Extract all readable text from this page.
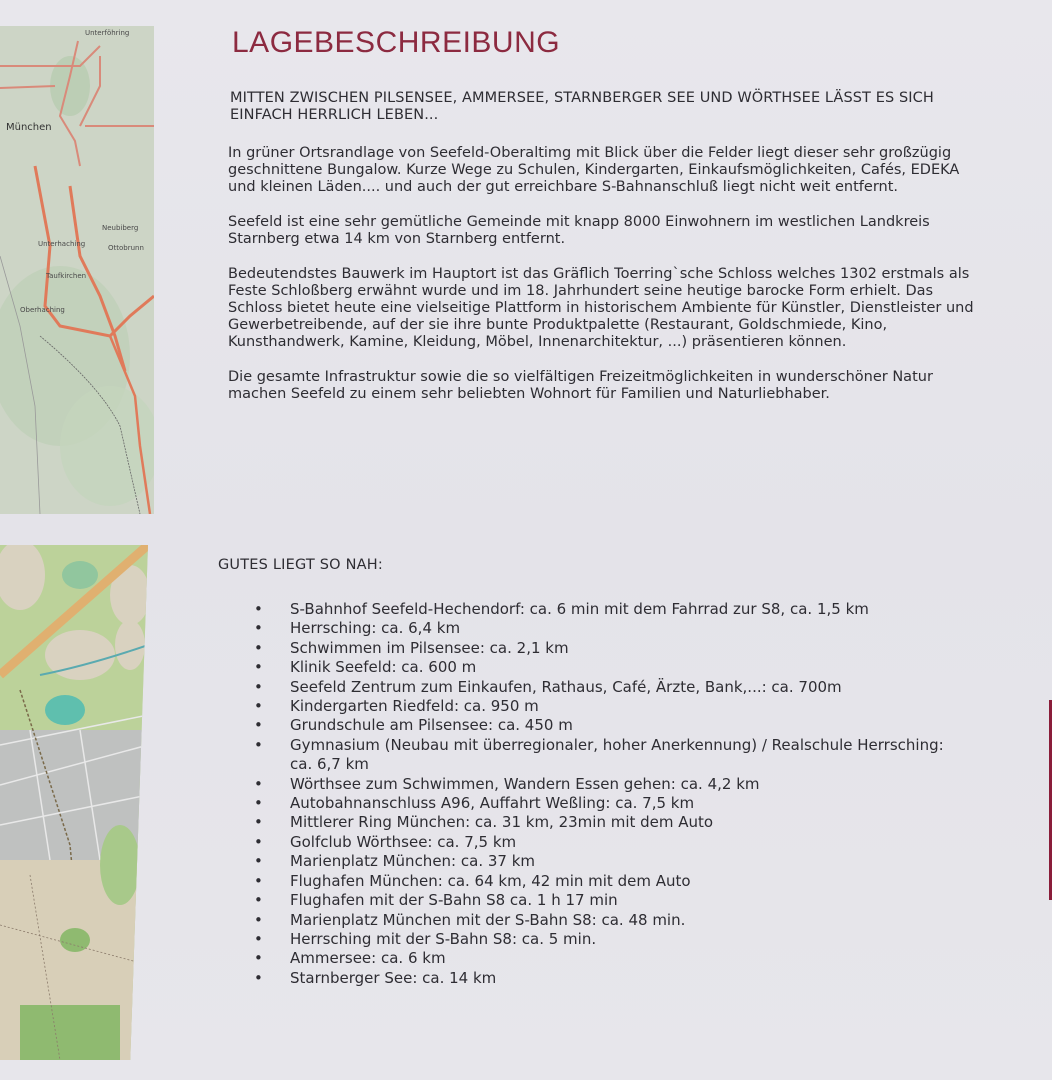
Unterföhring
München
Neubiberg
Unterhaching	Ottobrunn
Taufkirchen
Oberhaching
LAGEBESCHREIBUNG

MITTEN ZWISCHEN PILSENSEE, AMMERSEE, STARNBERGER SEE UND WÖRTHSEE LÄSST ES SICH EINFACH HERRLICH LEBEN...

In grüner Ortsrandlage von Seefeld-Oberaltimg mit Blick über die Felder liegt dieser sehr großzügig geschnittene Bungalow. Kurze Wege zu Schulen, Kindergarten, Einkaufsmöglichkeiten, Cafés, EDEKA und kleinen Läden.... und auch der gut erreichbare S-Bahnanschluß liegt nicht weit entfernt.

Seefeld ist eine sehr gemütliche Gemeinde mit knapp 8000 Einwohnern im westlichen Landkreis Starnberg etwa 14 km von Starnberg entfernt.

Bedeutendstes Bauwerk im Hauptort ist das Gräflich Toerring`sche Schloss welches 1302 erstmals als Feste Schloßberg erwähnt wurde und im 18. Jahrhundert seine heutige barocke Form erhielt. Das Schloss bietet heute eine vielseitige Plattform in historischem Ambiente für Künstler, Dienstleister und Gewerbetreibende, auf der sie ihre bunte Produktpalette (Restaurant, Goldschmiede, Kino, Kunsthandwerk, Kamine, Kleidung, Möbel, Innenarchitektur, ...) präsentieren können.

Die gesamte Infrastruktur sowie die so vielfältigen Freizeitmöglichkeiten in wunderschöner Natur machen Seefeld zu einem sehr beliebten Wohnort für Familien und Naturliebhaber.

GUTES LIEGT SO NAH:
• S-Bahnhof Seefeld-Hechendorf: ca. 6 min mit dem Fahrrad zur S8, ca. 1,5 km
• Herrsching: ca. 6,4 km
• Schwimmen im Pilsensee: ca. 2,1 km
• Klinik Seefeld: ca. 600 m
• Seefeld Zentrum zum Einkaufen, Rathaus, Café, Ärzte, Bank,...: ca. 700m
• Kindergarten Riedfeld: ca. 950 m
• Grundschule am Pilsensee: ca. 450 m
• Gymnasium (Neubau mit überregionaler, hoher Anerkennung) / Realschule Herrsching: ca. 6,7 km
• Wörthsee zum Schwimmen, Wandern Essen gehen: ca. 4,2 km
• Autobahnanschluss A96, Auffahrt Weßling: ca. 7,5 km
• Mittlerer Ring München: ca. 31 km, 23min mit dem Auto
• Golfclub Wörthsee: ca. 7,5 km
• Marienplatz München: ca. 37 km
• Flughafen München: ca. 64 km, 42 min mit dem Auto
• Flughafen mit der S-Bahn S8 ca. 1 h 17 min
• Marienplatz München mit der S-Bahn S8: ca. 48 min.
• Herrsching mit der S-Bahn S8: ca. 5 min.
• Ammersee: ca. 6 km
• Starnberger See: ca. 14 km
